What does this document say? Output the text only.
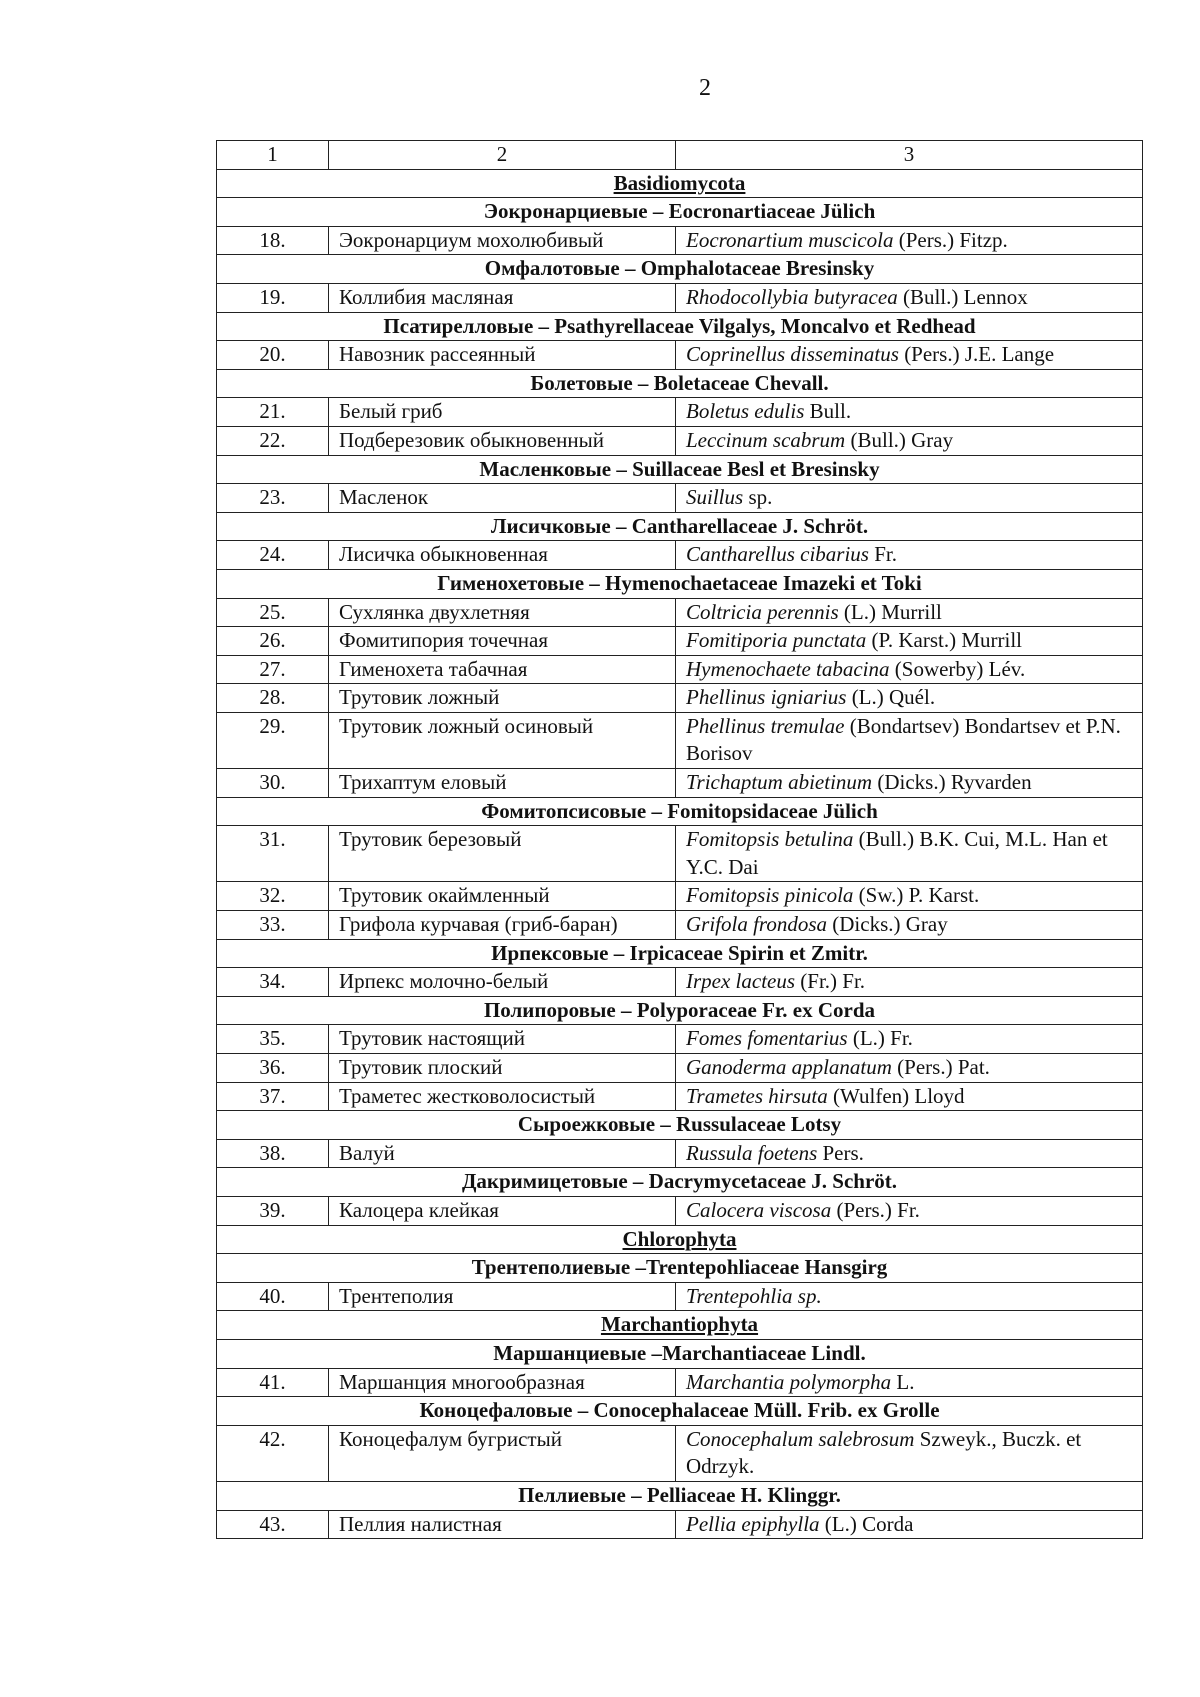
2
1	2	3
Basidiomycota		
Эокронарциевые – Eocronartiaceae Jülich		
18.	Эокронарциум мохолюбивый	Eocronartium muscicola (Pers.) Fitzp.
Омфалотовые – Omphalotaceae Bresinsky		
19.	Коллибия масляная	Rhodocollybia butyracea (Bull.) Lennox
Псатирелловые – Psathyrellaceae Vilgalys, Moncalvo et Redhead		
20.	Навозник рассеянный	Coprinellus disseminatus (Pers.) J.E. Lange
Болетовые – Boletaceae Chevall.		
21.	Белый гриб	Boletus edulis Bull.
22.	Подберезовик обыкновенный	Leccinum scabrum (Bull.) Gray
Масленковые – Suillaceae Besl et Bresinsky		
23.	Масленок	Suillus sp.
Лисичковые – Cantharellaceae J. Schröt.		
24.	Лисичка обыкновенная	Cantharellus cibarius Fr.
Гименохетовые – Hymenochaetaceae Imazeki et Toki		
25.	Сухлянка двухлетняя	Coltricia perennis (L.) Murrill
26.	Фомитипория точечная	Fomitiporia punctata (P. Karst.) Murrill
27.	Гименохета табачная	Hymenochaete tabacina (Sowerby) Lév.
28.	Трутовик ложный	Phellinus igniarius (L.) Quél.
29.	Трутовик ложный осиновый	Phellinus tremulae (Bondartsev) Bondartsev et P.N. Borisov
30.	Трихаптум еловый	Trichaptum abietinum (Dicks.) Ryvarden
Фомитопсисовые – Fomitopsidaceae Jülich		
31.	Трутовик березовый	Fomitopsis betulina (Bull.) B.K. Cui, M.L. Han et Y.C. Dai
32.	Трутовик окаймленный	Fomitopsis pinicola (Sw.) P. Karst.
33.	Грифола курчавая (гриб-баран)	Grifola frondosa (Dicks.) Gray
Ирпексовые – Irpicaceae Spirin et Zmitr.		
34.	Ирпекс молочно-белый	Irpex lacteus (Fr.) Fr.
Полипоровые – Polyporaceae Fr. ex Corda		
35.	Трутовик настоящий	Fomes fomentarius (L.) Fr.
36.	Трутовик плоский	Ganoderma applanatum (Pers.) Pat.
37.	Траметес жестковолосистый	Trametes hirsuta (Wulfen) Lloyd
Сыроежковые – Russulaceae Lotsy		
38.	Валуй	Russula foetens Pers.
Дакримицетовые – Dacrymycetaceae J. Schröt.		
39.	Калоцера клейкая	Calocera viscosa (Pers.) Fr.
Chlorophyta		
Трентеполиевые –Trentepohliaceae Hansgirg		
40.	Трентеполия	Trentepohlia sp.
Marchantiophyta		
Маршанциевые –Marchantiaceae Lindl.		
41.	Маршанция многообразная	Marchantia polymorpha L.
Коноцефаловые – Conocephalaceae Müll. Frib. ex Grolle		
42.	Коноцефалум бугристый	Conocephalum salebrosum Szweyk., Buczk. et Odrzyk.
Пеллиевые – Pelliaceae H. Klinggr.		
43.	Пеллия налистная	Pellia epiphylla (L.) Corda
